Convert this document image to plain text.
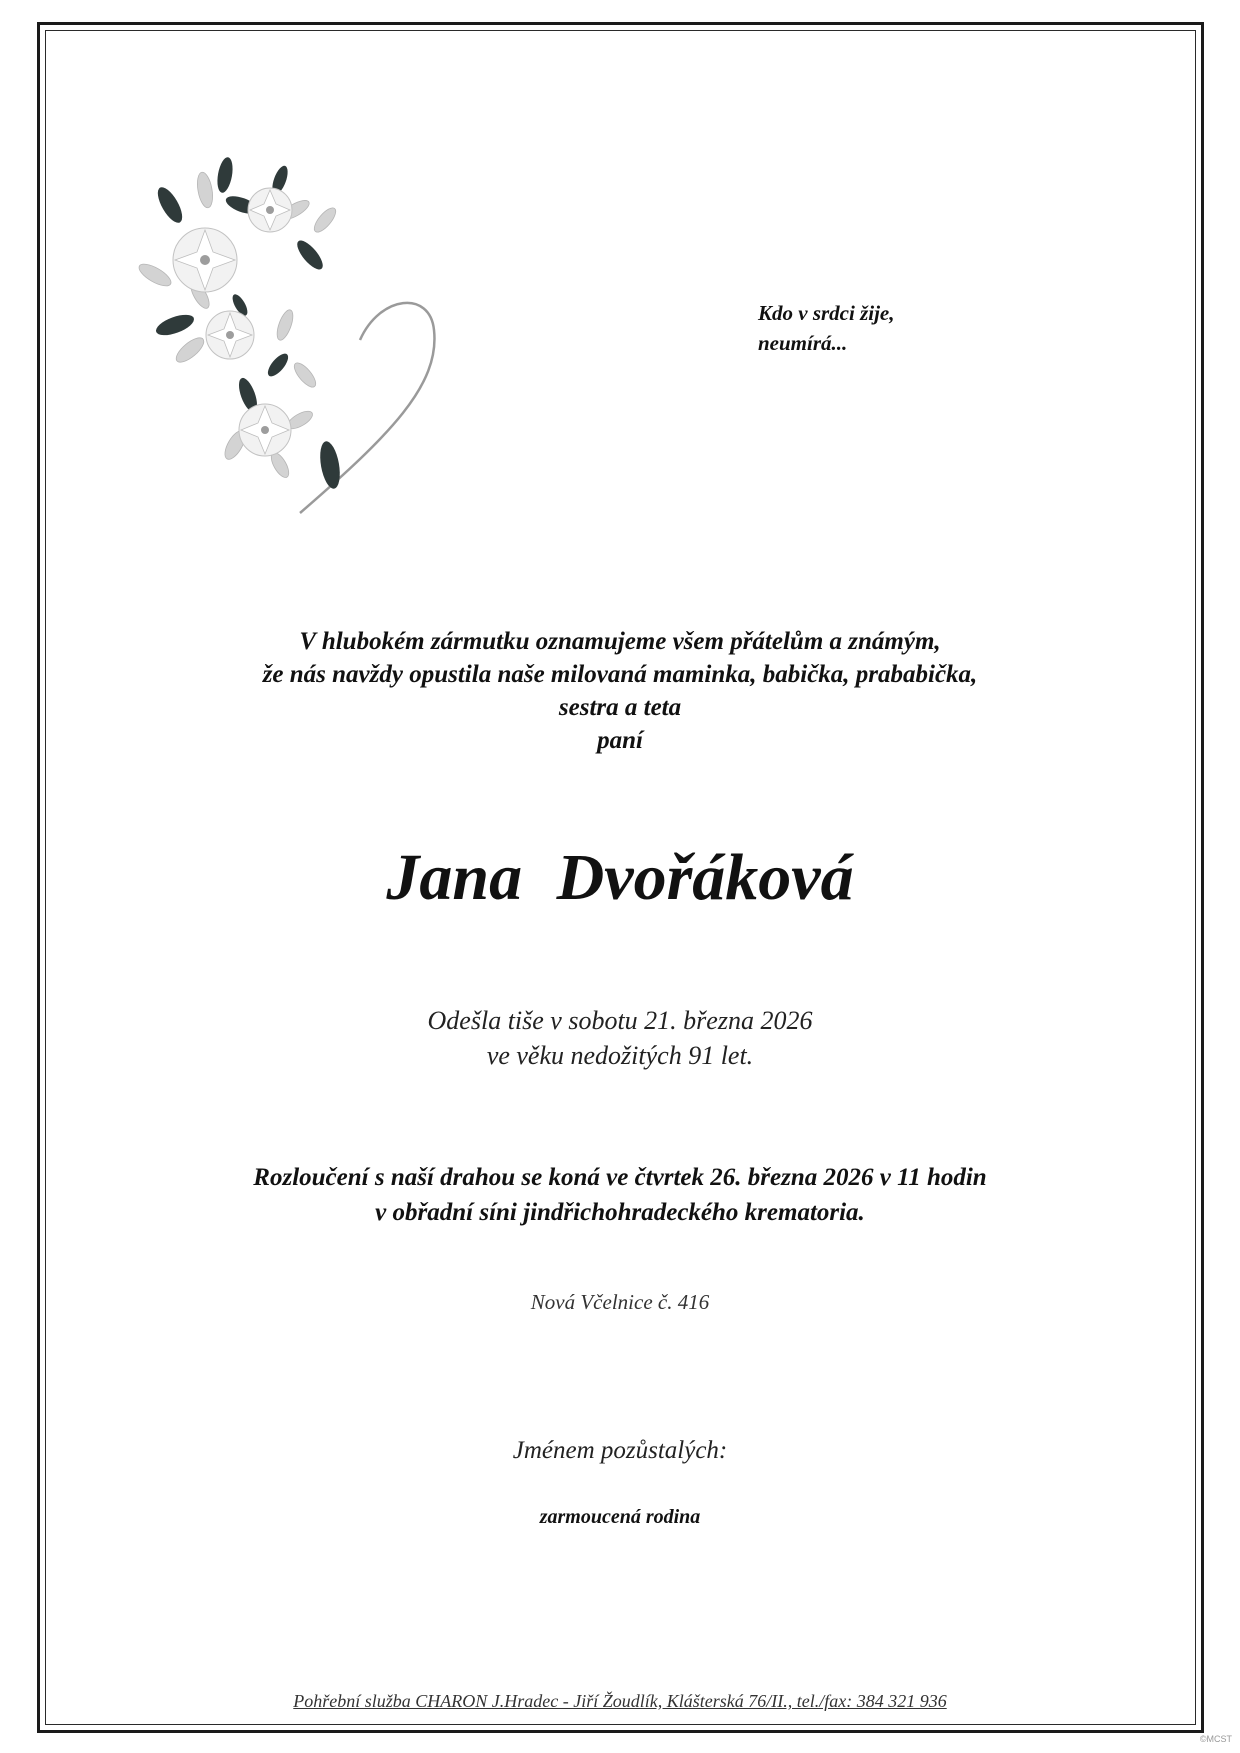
Kdo v srdci žije,
neumírá...
V hlubokém zármutku oznamujeme všem přátelům a známým,
že nás navždy opustila naše milovaná maminka, babička, prababička,
sestra a teta
paní
Jana Dvořáková
Odešla tiše v sobotu 21. března 2026
ve věku nedožitých 91 let.
Rozloučení s naší drahou se koná ve čtvrtek 26. března 2026 v 11 hodin
v obřadní síni jindřichohradeckého krematoria.
Nová Včelnice č. 416
Jménem pozůstalých:
zarmoucená rodina
Pohřební služba CHARON J.Hradec - Jiří Žoudlík, Klášterská 76/II., tel./fax: 384 321 936
©MCST
